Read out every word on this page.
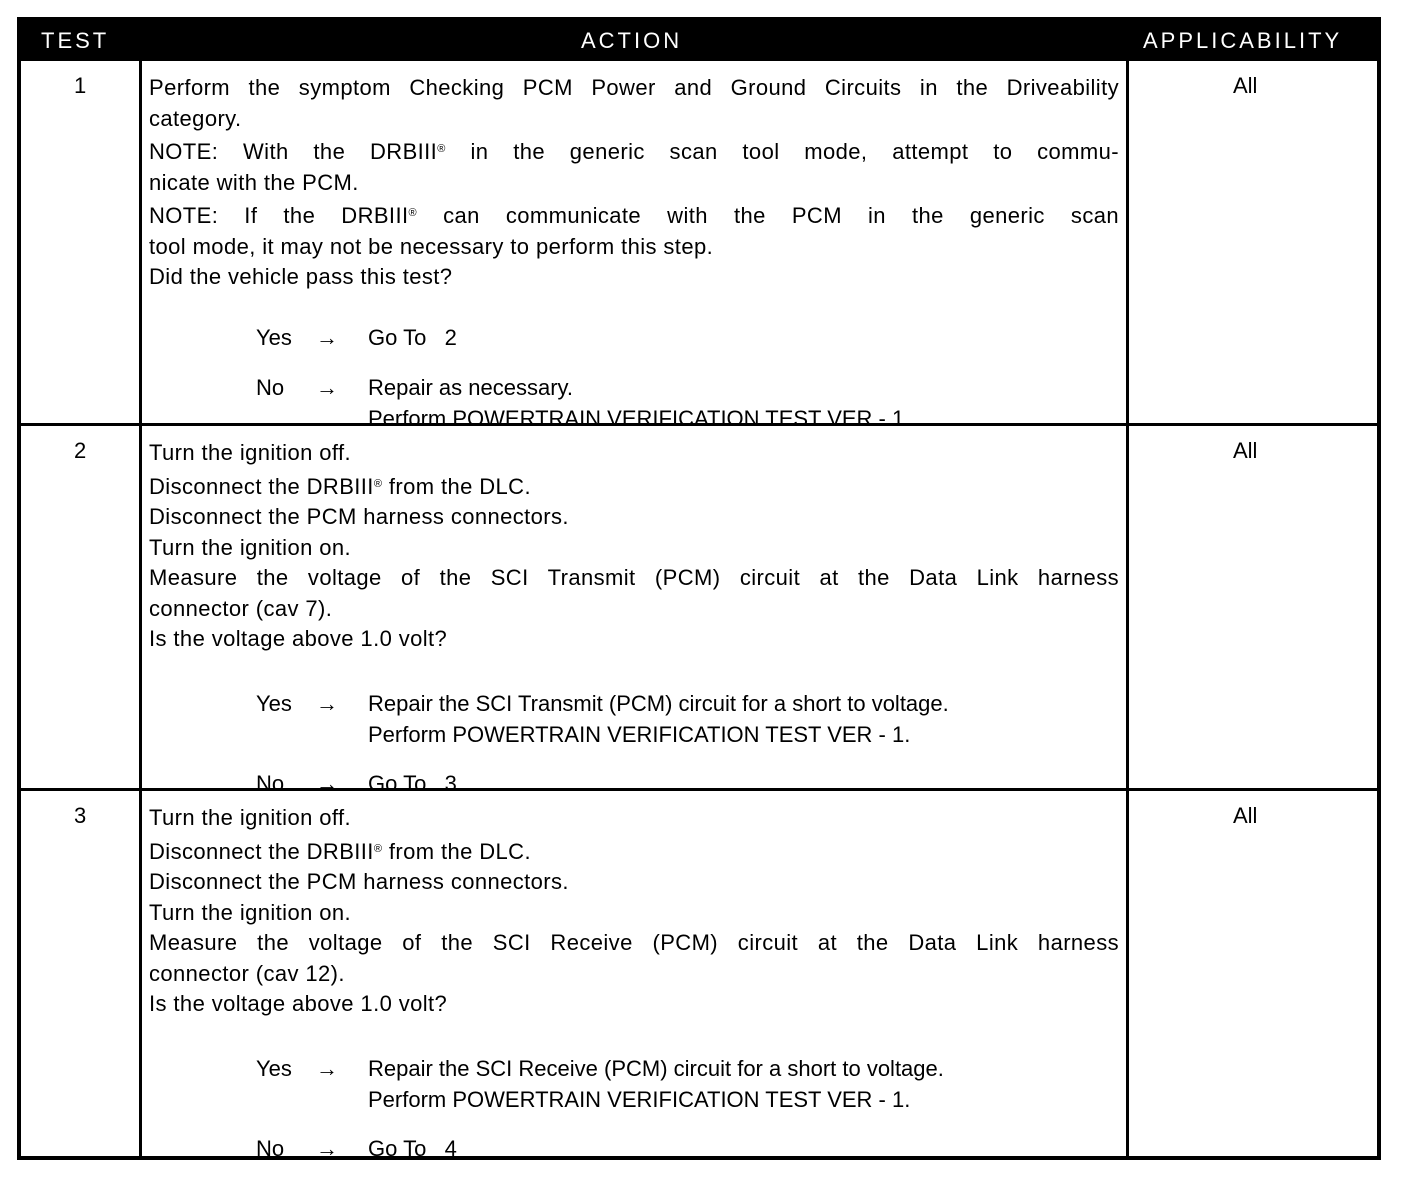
TEST	ACTION	APPLICABILITY
1	Perform the symptom Checking PCM Power and Ground Circuits in the Driveability
category.
NOTE: With the DRBIII® in the generic scan tool mode, attempt to commu-
nicate with the PCM.
NOTE: If the DRBIII® can communicate with the PCM in the generic scan
tool mode, it may not be necessary to perform this step.
Did the vehicle pass this test?
Yes	→ Go To   2
No	→ Repair as necessary.
Perform POWERTRAIN VERIFICATION TEST VER - 1.
All
2	Turn the ignition off.
Disconnect the DRBIII® from the DLC.
Disconnect the PCM harness connectors.
Turn the ignition on.
Measure the voltage of the SCI Transmit (PCM) circuit at the Data Link harness
connector (cav 7).
Is the voltage above 1.0 volt?
Yes	→ Repair the SCI Transmit (PCM) circuit for a short to voltage.
Perform POWERTRAIN VERIFICATION TEST VER - 1.
No	→ Go To   3
All
3	Turn the ignition off.
Disconnect the DRBIII® from the DLC.
Disconnect the PCM harness connectors.
Turn the ignition on.
Measure the voltage of the SCI Receive (PCM) circuit at the Data Link harness
connector (cav 12).
Is the voltage above 1.0 volt?
Yes	→ Repair the SCI Receive (PCM) circuit for a short to voltage.
Perform POWERTRAIN VERIFICATION TEST VER - 1.
No	→ Go To   4
All
